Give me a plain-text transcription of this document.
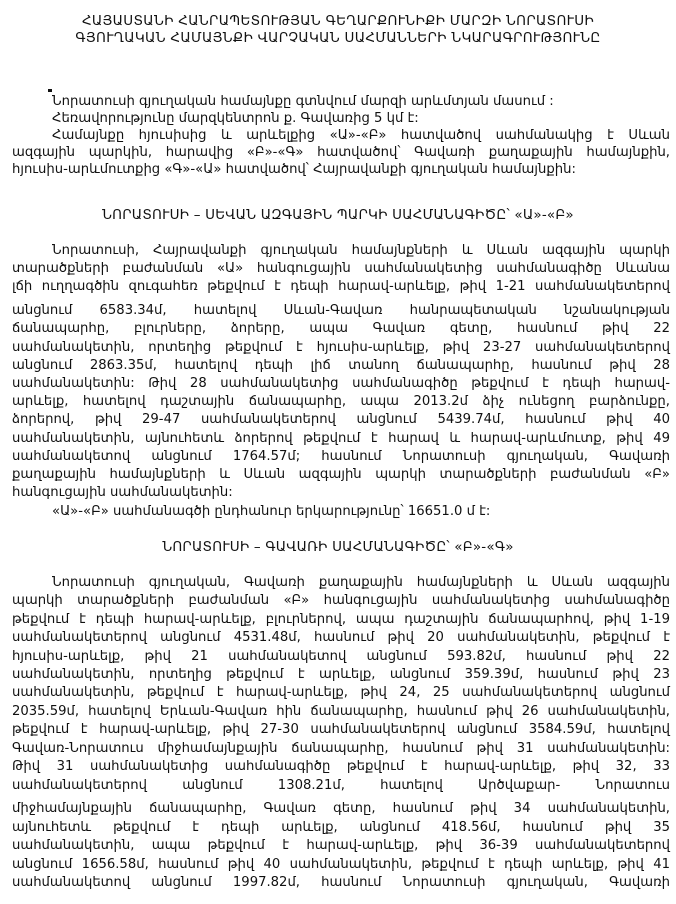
ՀԱՅԱՍՏԱՆԻ ՀԱՆՐԱՊԵՏՈՒԹՅԱՆ ԳԵՂԱՐՔՈՒՆԻՔԻ ՄԱՐԶԻ ՆՈՐԱՏՈՒՍԻ
ԳՅՈՒՂԱԿԱՆ ՀԱՄԱՅՆՔԻ ՎԱՐՉԱԿԱՆ ՍԱՀՄԱՆՆԵՐԻ ՆԿԱՐԱԳՐՈՒԹՅՈՒՆԸ
Նորատուսի գյուղական համայնքը գտնվում մարզի արևմտյան մասում :
Հեռավորությունը մարզկենտրոն ք. Գավառից 5 կմ է:
Համայնքը հյուսիսից և արևելքից «Ա»-«Բ» հատվածով սահմանակից է Սևան
ազգային պարկին, հարավից «Բ»-«Գ» հատվածով՝ Գավառի քաղաքային համայնքին,
հյուսիս-արևմուտքից «Գ»-«Ա» հատվածով՝ Հայրավանքի գյուղական համայնքին:
ՆՈՐԱՏՈՒՍԻ – ՍԵՎԱՆ ԱԶԳԱՅԻՆ ՊԱՐԿԻ ՍԱՀՄԱՆԱԳԻԾԸ՝ «Ա»-«Բ»
Նորատուսի, Հայրավանքի գյուղական համայնքների և Սևան ազգային պարկի
տարածքների բաժանման «Ա» հանգուցային սահմանակետից սահմանագիծը Սևանա
լճի ուղղագծին զուգահեռ թեքվում է դեպի հարավ-արևելք, թիվ 1-21 սահմանակետերով
անցնում 6583.34մ, հատելով Սևան-Գավառ հանրապետական նշանակության
ճանապարհը, բլուրները, ձորերը, ապա Գավառ գետը, հասնում թիվ 22
սահմանակետին, որտեղից թեքվում է հյուսիս-արևելք, թիվ 23-27 սահմանակետերով
անցնում 2863.35մ, հատելով դեպի լիճ տանող ճանապարհը, հասնում թիվ 28
սահմանակետին: Թիվ 28 սահմանակետից սահմանագիծը թեքվում է դեպի հարավ-
արևելք, հատելով դաշտային ճանապարհը, ապա 2013.2մ ձիչ ունեցող բարձունքը,
ձորերով, թիվ 29-47 սահմանակետերով անցնում 5439.74մ, հասնում թիվ 40
սահմանակետին, այնուհետև ձորերով թեքվում է հարավ և հարավ-արևմուտք, թիվ 49
սահմանակետով անցնում 1764.57մ; հասնում Նորատուսի գյուղական, Գավառի
քաղաքային համայնքների և Սևան ազգային պարկի տարածքների բաժանման «Բ»
հանգուցային սահմանակետին:
«Ա»-«Բ» սահմանագծի ընդհանուր երկարությունը՝ 16651.0 մ է:
ՆՈՐԱՏՈՒՍԻ – ԳԱՎԱՌԻ ՍԱՀՄԱՆԱԳԻԾԸ՝ «Բ»-«Գ»
Նորատուսի գյուղական, Գավառի քաղաքային համայնքների և Սևան ազգային
պարկի տարածքների բաժանման «Բ» հանգուցային սահմանակետից սահմանագիծը
թեքվում է դեպի հարավ-արևելք, բլուրներով, ապա դաշտային ճանապարհով, թիվ 1-19
սահմանակետերով անցնում 4531.48մ, հասնում թիվ 20 սահմանակետին, թեքվում է
հյուսիս-արևելք, թիվ 21 սահմանակետով անցնում 593.82մ, հասնում թիվ 22
սահմանակետին, որտեղից թեքվում է արևելք, անցնում 359.39մ, հասնում թիվ 23
սահմանակետին, թեքվում է հարավ-արևելք, թիվ 24, 25 սահմանակետերով անցնում
2035.59մ, հատելով Երևան-Գավառ հին ճանապարհը, հասնում թիվ 26 սահմանակետին,
թեքվում է հարավ-արևելք, թիվ 27-30 սահմանակետերով անցնում 3584.59մ, հատելով
Գավառ-Նորատուս միջհամայնքային ճանապարհը, հասնում թիվ 31 սահմանակետին:
Թիվ 31 սահմանակետից սահմանագիծը թեքվում է հարավ-արևելք, թիվ 32, 33
սահմանակետերով անցնում 1308.21մ, հատելով Արծվաքար- Նորատուս
միջհամայնքային ճանապարհը, Գավառ գետը, հասնում թիվ 34 սահմանակետին,
այնուհետև թեքվում է դեպի արևելք, անցնում 418.56մ, հասնում թիվ 35
սահմանակետին, ապա թեքվում է հարավ-արևելք, թիվ 36-39 սահմանակետերով
անցնում 1656.58մ, հասնում թիվ 40 սահմանակետին, թեքվում է դեպի արևելք, թիվ 41
սահմանակետով անցնում 1997.82մ, հասնում Նորատուսի գյուղական, Գավառի
